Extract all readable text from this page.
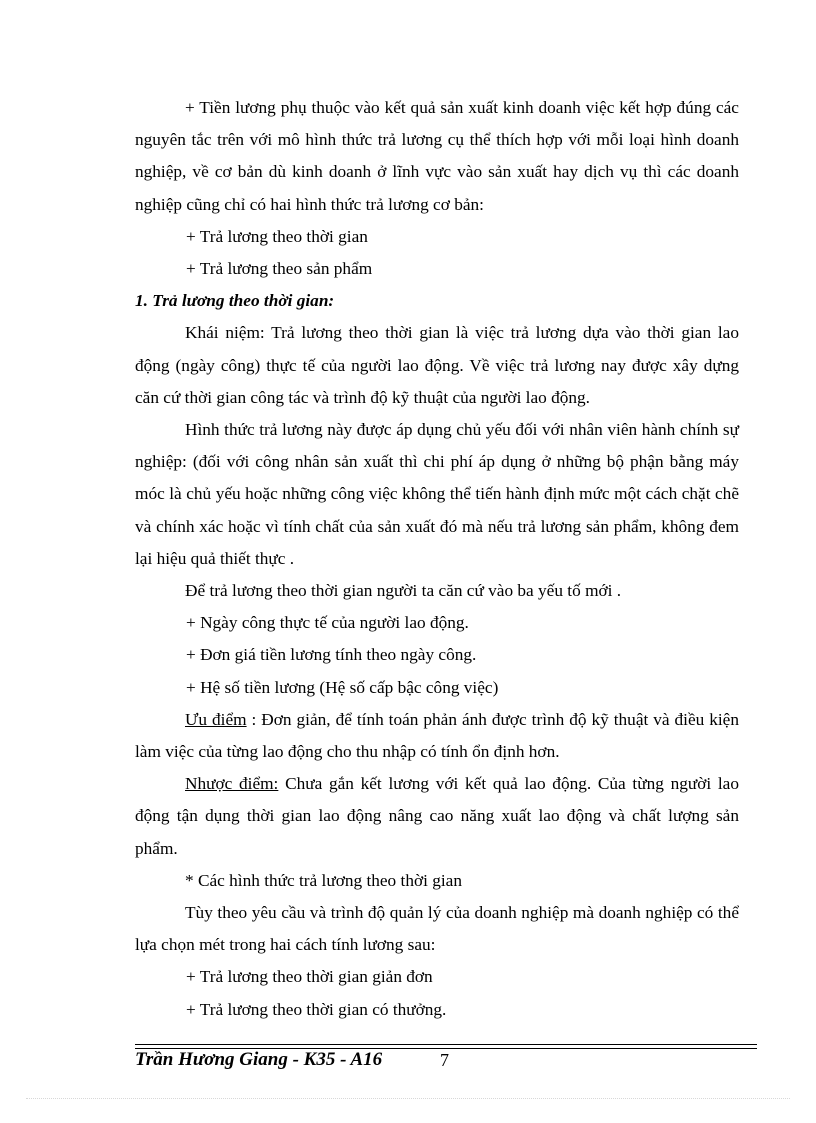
+ Tiền lương phụ thuộc vào kết quả sản xuất kinh doanh việc kết hợp đúng các nguyên tắc trên với mô hình thức trả lương cụ thể thích hợp với mỗi loại hình doanh nghiệp, về cơ bản dù kinh doanh ở lĩnh vực vào sản xuất hay dịch vụ thì các doanh nghiệp cũng chỉ có hai hình thức trả lương cơ bản:

+ Trả lương theo thời gian

+ Trả lương theo sản phẩm

1. Trả lương theo thời gian:

Khái niệm: Trả lương theo thời gian là việc trả lương dựa vào thời gian lao động (ngày công) thực tế của người lao động. Về việc trả lương nay được xây dựng căn cứ thời gian công tác và trình độ kỹ thuật của người lao động.

Hình thức trả lương này được áp dụng chủ yếu đối với nhân viên hành chính sự nghiệp: (đối với công nhân sản xuất thì chi phí áp dụng ở những bộ phận bằng máy móc là chủ yếu hoặc những công việc không thể tiến hành định mức một cách chặt chẽ và chính xác hoặc vì tính chất của sản xuất đó mà nếu trả lương sản phẩm, không đem lại hiệu quả thiết thực .

Để trả lương theo thời gian người ta căn cứ vào ba yếu tố mới .

+ Ngày công thực tế của người lao động.

+ Đơn giá tiền lương tính theo ngày công.

+ Hệ số tiền lương (Hệ số cấp bậc công việc)

Ưu điểm : Đơn giản, để tính toán phản ánh được trình độ kỹ thuật và điều kiện làm việc của từng lao động cho thu nhập có tính ổn định hơn.

Nhược điểm: Chưa gắn kết lương với kết quả lao động. Của từng người lao động tận dụng thời gian lao động nâng cao năng xuất lao động và chất lượng sản phẩm.

* Các hình thức trả lương theo thời gian

Tùy theo yêu cầu và trình độ quản lý của doanh nghiệp mà doanh nghiệp có thể lựa chọn mét trong hai cách tính lương sau:

+ Trả lương theo thời gian giản đơn

+ Trả lương theo thời gian có thưởng.

Trần Hương Giang - K35 - A16	7
